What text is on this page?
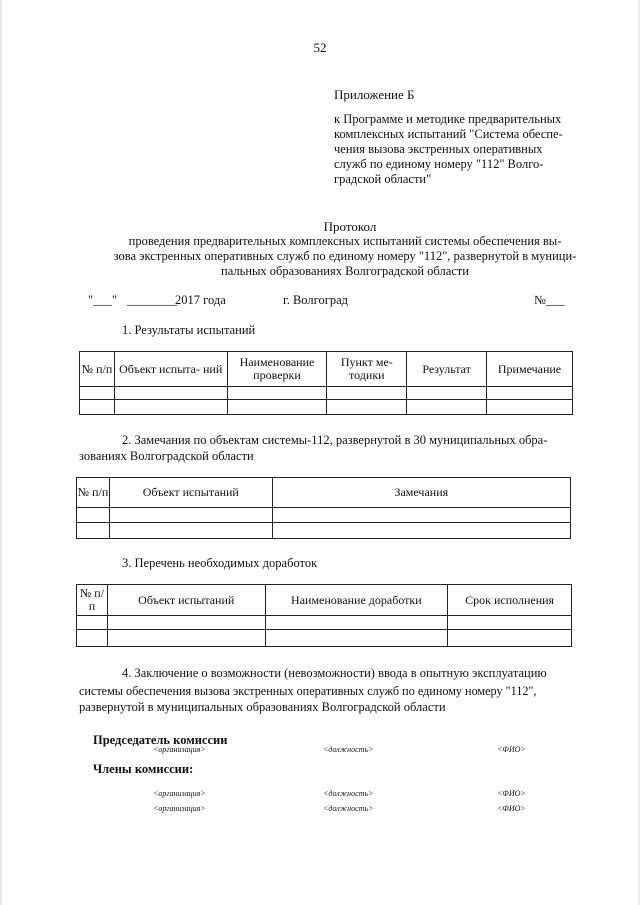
52
Приложение Б
к Программе и методике предварительных
комплексных испытаний "Система обеспе-
чения вызова экстренных оперативных
служб по единому номеру "112" Волго-
градской области"
Протокол
проведения предварительных комплексных испытаний системы обеспечения вы-
зова экстренных оперативных служб по единому номеру "112", развернутой в муници-
пальных образованиях Волгоградской области
"___" ________
2017 года	г. Волгоград	№___
1. Результаты испытаний
№ п/п	Объект испыта- ний	Наименование проверки	Пункт ме- тодики	Результат	Примечание

2. Замечания по объектам системы-112, развернутой в 30 муниципальных обра-
зованиях Волгоградской области
№ п/п	Объект испытаний	Замечания

3. Перечень необходимых доработок
№ п/п	Объект испытаний	Наименование доработки	Срок исполнения

4. Заключение о возможности (невозможности) ввода в опытную эксплуатацию
системы обеспечения вызова экстренных оперативных служб по единому номеру "112",
развернутой в муниципальных образованиях Волгоградской области
Председатель комиссии
<организация>	<должность>	<ФИО>
Члены комиссии:
<организация>	<должность>	<ФИО>
<организация>	<должность>	<ФИО>
